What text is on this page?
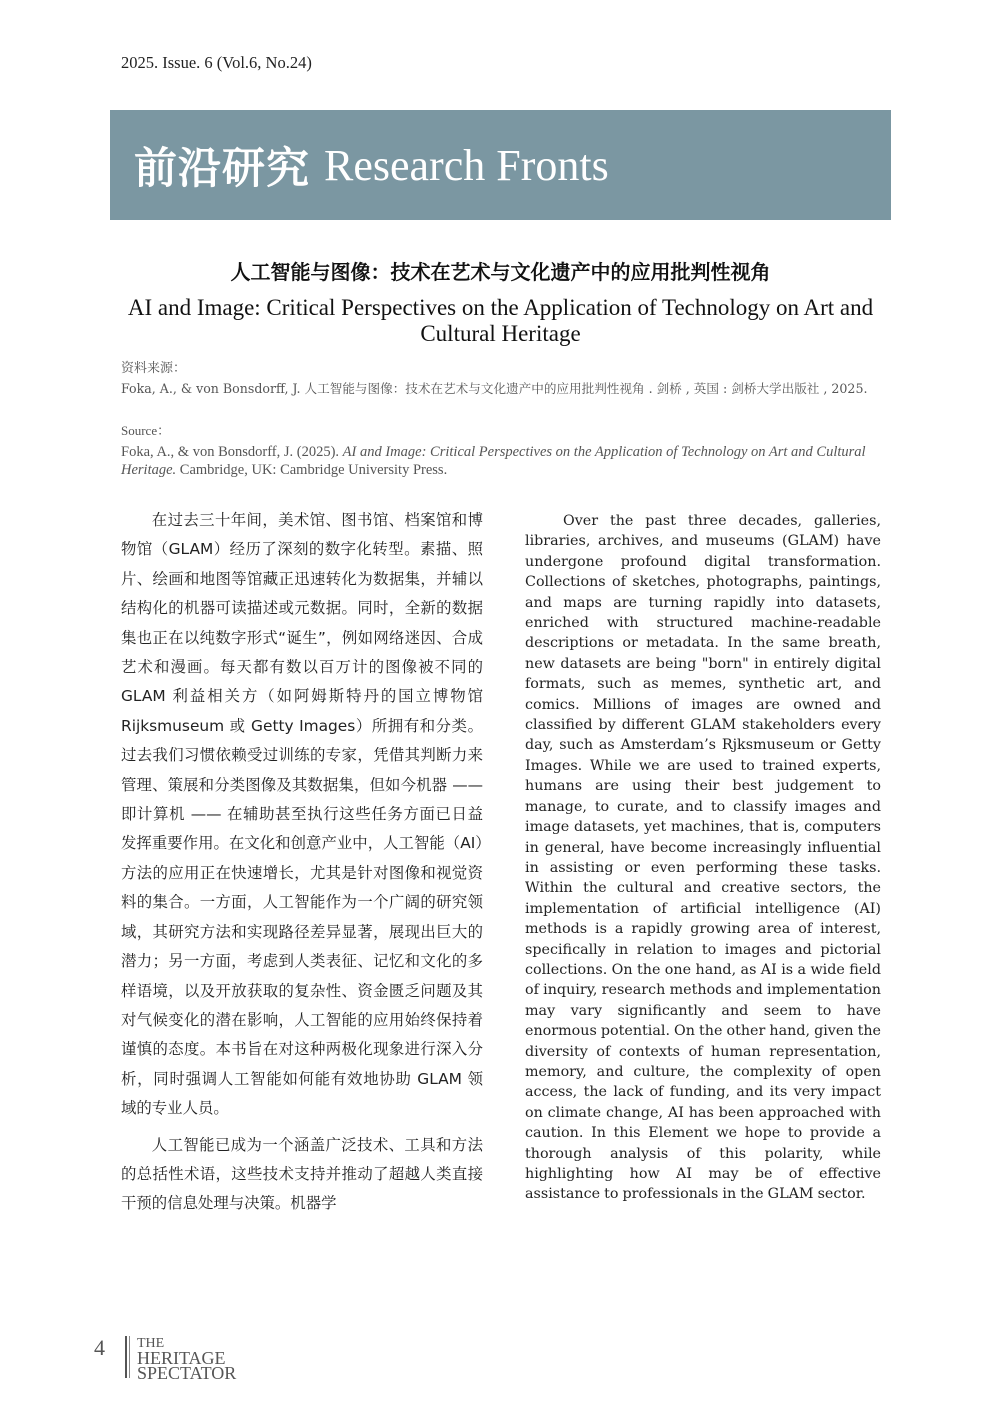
2025. Issue. 6 (Vol.6, No.24)
前沿研究 Research Fronts
人工智能与图像：技术在艺术与文化遗产中的应用批判性视角
AI and Image: Critical Perspectives on the Application of Technology on Art and Cultural Heritage
资料来源：
Foka, A., & von Bonsdorff, J. 人工智能与图像：技术在艺术与文化遗产中的应用批判性视角 . 剑桥 , 英国 : 剑桥大学出版社 , 2025.
Source：
Foka, A., & von Bonsdorff, J. (2025). AI and Image: Critical Perspectives on the Application of Technology on Art and Cultural Heritage. Cambridge, UK: Cambridge University Press.

在过去三十年间，美术馆、图书馆、档案馆和博物馆（GLAM）经历了深刻的数字化转型。素描、照片、绘画和地图等馆藏正迅速转化为数据集，并辅以结构化的机器可读描述或元数据。同时，全新的数据集也正在以纯数字形式“诞生”，例如网络迷因、合成艺术和漫画。每天都有数以百万计的图像被不同的 GLAM 利益相关方（如阿姆斯特丹的国立博物馆 Rijksmuseum 或 Getty Images）所拥有和分类。过去我们习惯依赖受过训练的专家，凭借其判断力来管理、策展和分类图像及其数据集，但如今机器 —— 即计算机 —— 在辅助甚至执行这些任务方面已日益发挥重要作用。在文化和创意产业中，人工智能（AI）方法的应用正在快速增长，尤其是针对图像和视觉资料的集合。一方面，人工智能作为一个广阔的研究领域，其研究方法和实现路径差异显著，展现出巨大的潜力；另一方面，考虑到人类表征、记忆和文化的多样语境，以及开放获取的复杂性、资金匮乏问题及其对气候变化的潜在影响，人工智能的应用始终保持着谨慎的态度。本书旨在对这种两极化现象进行深入分析，同时强调人工智能如何能有效地协助 GLAM 领域的专业人员。

人工智能已成为一个涵盖广泛技术、工具和方法的总括性术语，这些技术支持并推动了超越人类直接干预的信息处理与决策。机器学

Over the past three decades, galleries, libraries, archives, and museums (GLAM) have undergone profound digital transformation. Collections of sketches, photographs, paintings, and maps are turning rapidly into datasets, enriched with structured machine-readable descriptions or metadata. In the same breath, new datasets are being "born" in entirely digital formats, such as memes, synthetic art, and comics. Millions of images are owned and classified by different GLAM stakeholders every day, such as Amsterdam’s Rjksmuseum or Getty Images. While we are used to trained experts, humans are using their best judgement to manage, to curate, and to classify images and image datasets, yet machines, that is, computers in general, have become increasingly influential in assisting or even performing these tasks. Within the cultural and creative sectors, the implementation of artificial intelligence (AI) methods is a rapidly growing area of interest, specifically in relation to images and pictorial collections. On the one hand, as AI is a wide field of inquiry, research methods and implementation may vary significantly and seem to have enormous potential. On the other hand, given the diversity of contexts of human representation, memory, and culture, the complexity of open access, the lack of funding, and its very impact on climate change, AI has been approached with caution. In this Element we hope to provide a thorough analysis of this polarity, while highlighting how AI may be of effective assistance to professionals in the GLAM sector.

4 THE
HERITAGE
SPECTATOR
